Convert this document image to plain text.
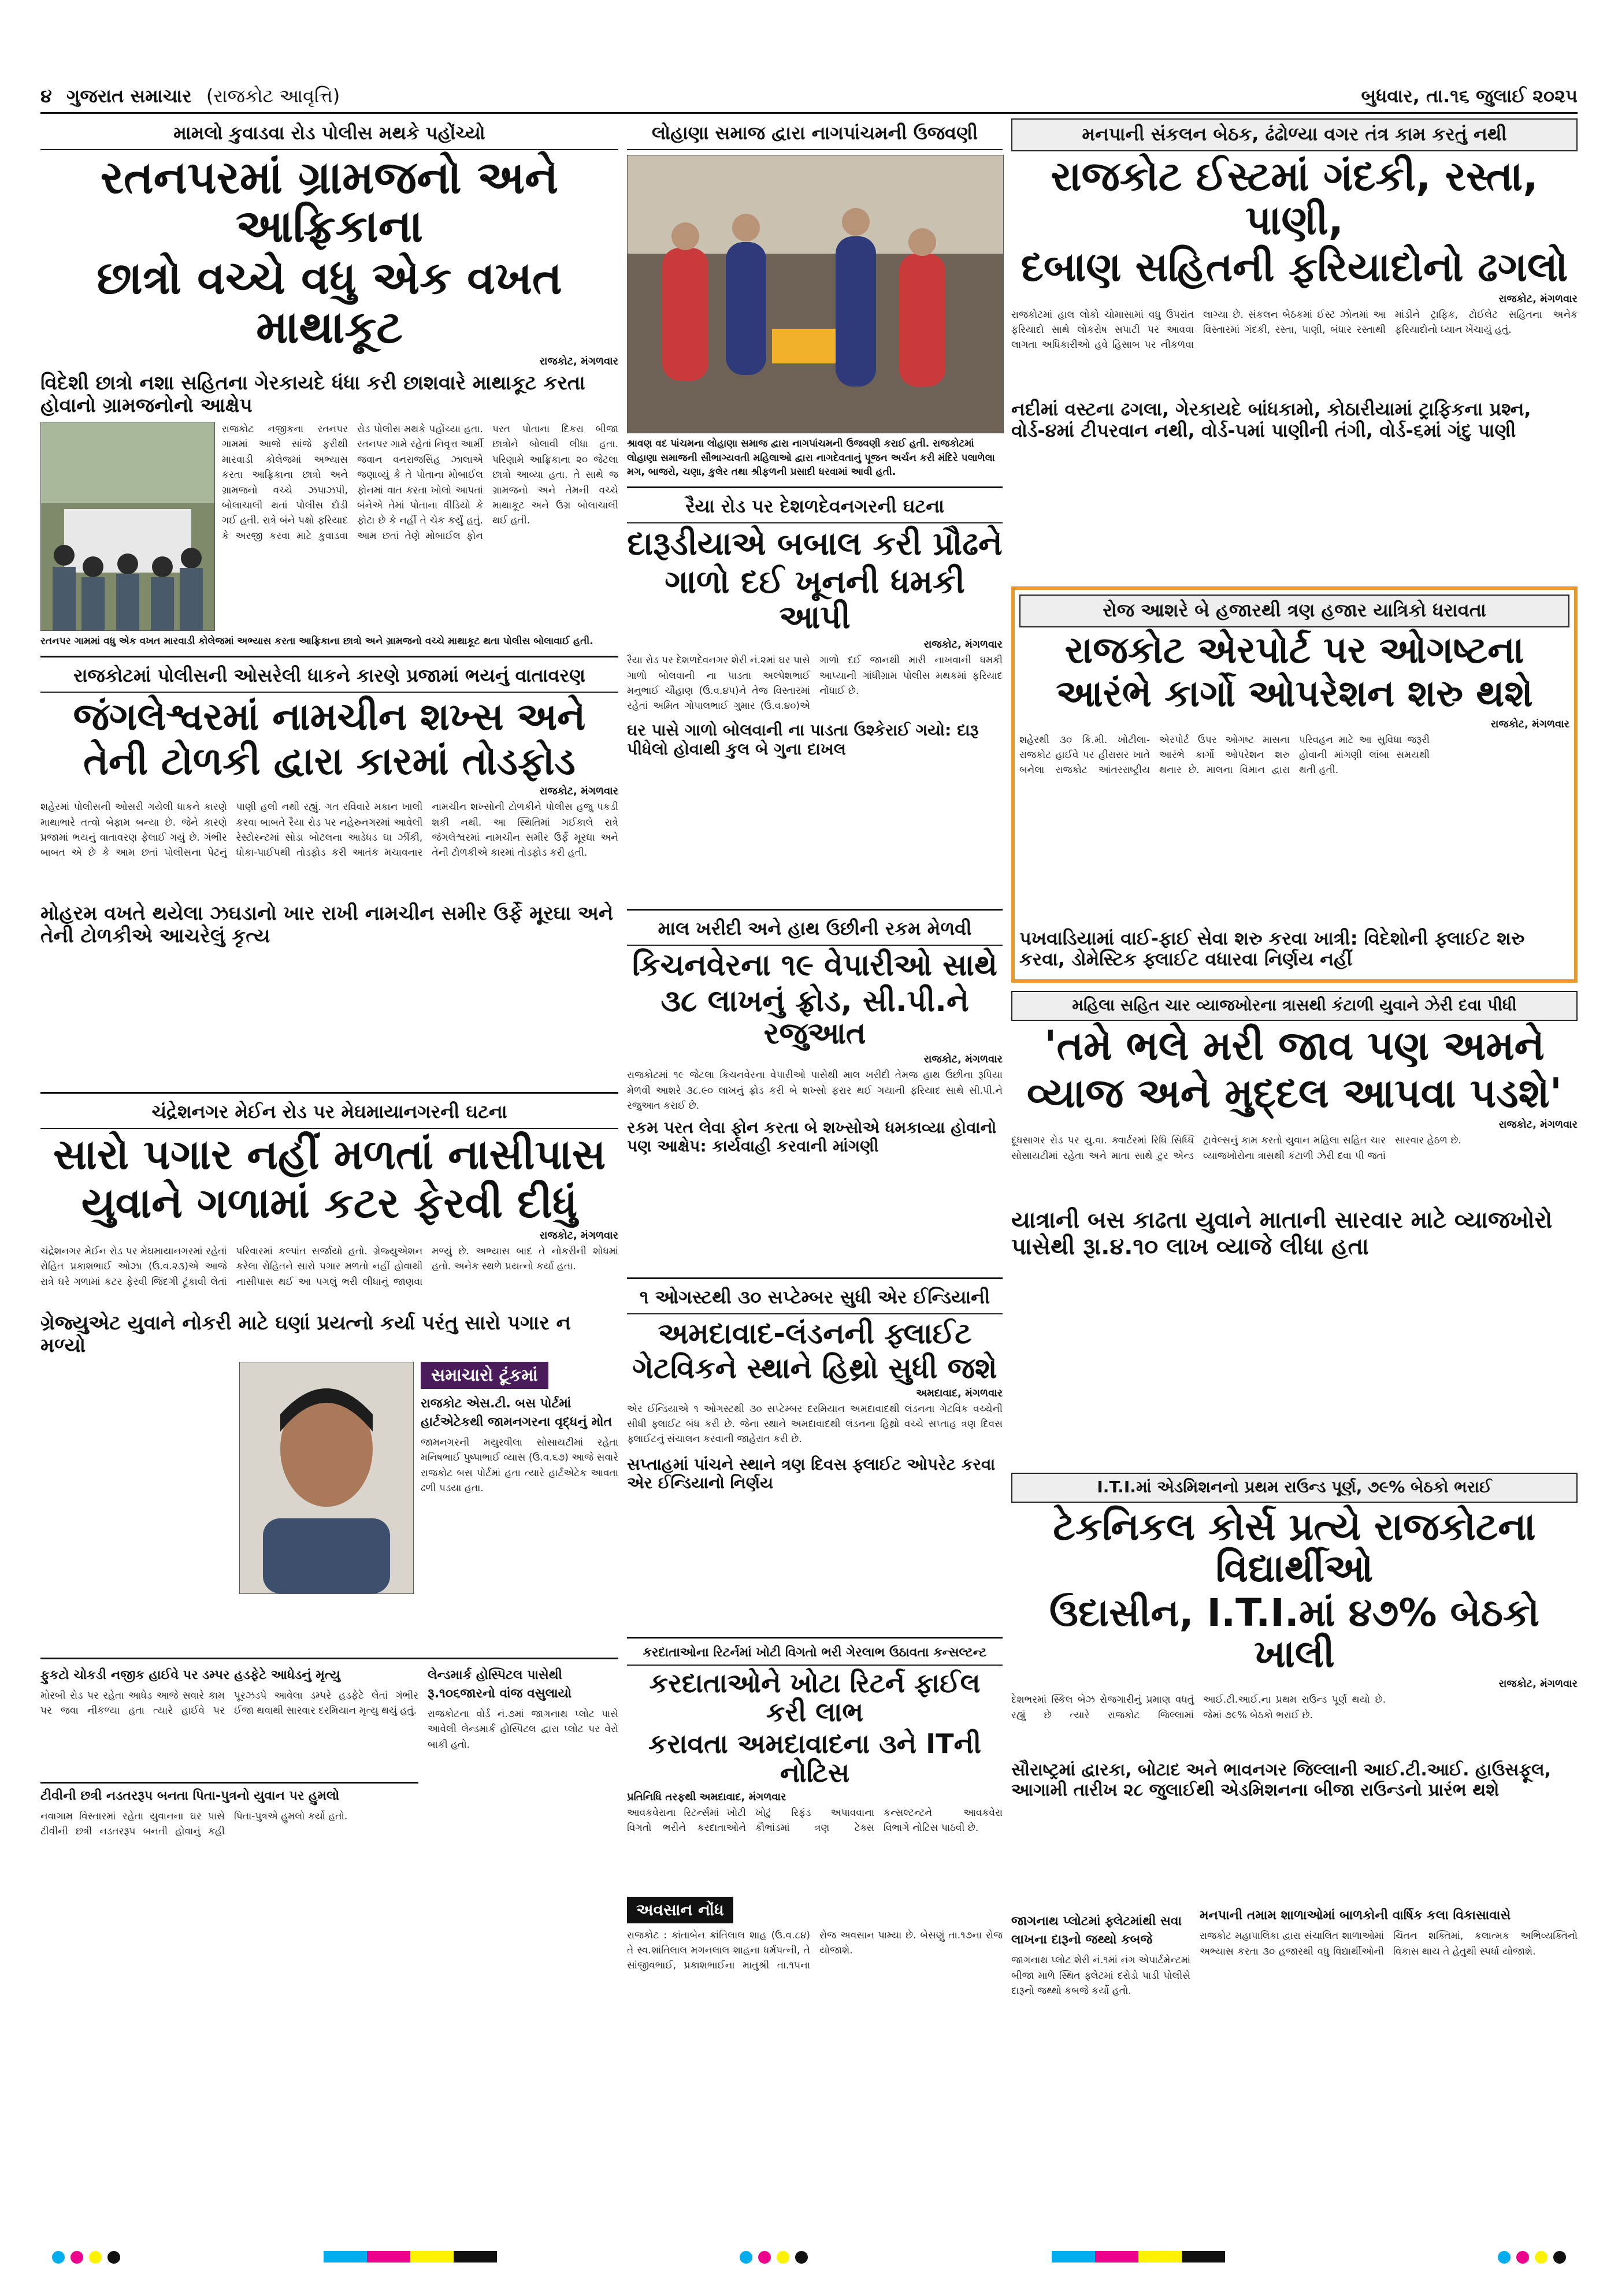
૪ ગુજરાત સમાચાર (રાજકોટ આવૃત્તિ)	બુધવાર, તા.૧૬ જુલાઈ ૨૦૨૫
મામલો કુવાડવા રોડ પોલીસ મથકે પહોંચ્યો
રતનપરમાં ગ્રામજનો અને આફ્રિકાના
છાત્રો વચ્ચે વધુ એક વખત માથાકૂટ
રાજકોટ, મંગળવાર
વિદેશી છાત્રો નશા સહિતના ગેરકાયદે ધંધા કરી છાશવારે માથાકૂટ કરતા હોવાનો ગ્રામજનોનો આક્ષેપ
રાજકોટ નજીકના રતનપર ગામમાં આજે સાંજે ફરીથી મારવાડી કોલેજમાં અભ્યાસ કરતા આફ્રિકાના છાત્રો અને ગ્રામજનો વચ્ચે ઝપાઝપી, બોલાચાલી થતાં પોલીસ દોડી ગઈ હતી. રાત્રે બંને પક્ષો ફરિયાદ કે અરજી કરવા માટે કુવાડવા રોડ પોલીસ મથકે પહોંચ્યા હતા. રતનપર ગામે રહેતાં નિવૃત્ત આર્મી જવાન વનરાજસિંહ ઝાલાએ જણાવ્યું કે તે પોતાના મોબાઈલ ફોનમાં વાત કરતા ખોલો આપતાં બંનેએ તેમાં પોતાના વીડિયો કે ફોટા છે કે નહીં તે ચેક કર્યું હતું. આમ છતાં તેણે મોબાઈલ ફોન પરત પોતાના દિકરા બીજા છાત્રોને બોલાવી લીધા હતા. પરિણામે આફ્રિકાના ૨૦ જેટલા છાત્રો આવ્યા હતા. તે સાથે જ ગ્રામજનો અને તેમની વચ્ચે માથાકૂટ અને ઉગ્ર બોલાચાલી થઈ હતી.
રતનપર ગામમાં વધુ એક વખત મારવાડી કોલેજમાં અભ્યાસ કરતા આફ્રિકાના છાત્રો અને ગ્રામજનો વચ્ચે માથાકૂટ થતા પોલીસ બોલાવાઈ હતી.
રાજકોટમાં પોલીસની ઓસરેલી ધાકને કારણે પ્રજામાં ભયનું વાતાવરણ
જંગલેશ્વરમાં નામચીન શખ્સ અને
તેની ટોળકી દ્વારા કારમાં તોડફોડ
રાજકોટ, મંગળવાર
શહેરમાં પોલીસની ઓસરી ગયેલી ધાકને કારણે માથાભારે તત્વો બેફામ બન્યા છે. જેને કારણે પ્રજામાં ભયનું વાતાવરણ ફેલાઈ ગયું છે. ગંભીર બાબત એ છે કે આમ છતાં પોલીસના પેટનું પાણી હલી નથી રહ્યું. ગત રવિવારે મકાન ખાલી કરવા બાબતે રૈયા રોડ પર નહેરુનગરમાં આવેલી રેસ્ટોરન્ટમાં સોડા બોટલના આડેધડ ઘા ઝીંકી, ધોકા-પાઈપથી તોડફોડ કરી આતંક મચાવનાર નામચીન શખ્સોની ટોળકીને પોલીસ હજુ પકડી શકી નથી. આ સ્થિતિમાં ગઈકાલે રાત્રે જંગલેશ્વરમાં નામચીન સમીર ઉર્ફે મૂરઘા અને તેની ટોળકીએ કારમાં તોડફોડ કરી હતી.
મોહરમ વખતે થયેલા ઝઘડાનો ખાર રાખી નામચીન સમીર ઉર્ફે મૂરઘા અને તેની ટોળકીએ આચરેલું કૃત્ય
ચંદ્રેશનગર મેઈન રોડ પર મેઘમાયાનગરની ઘટના
સારો પગાર નહીં મળતાં નાસીપાસ
યુવાને ગળામાં કટર ફેરવી દીધું
રાજકોટ, મંગળવાર
ચંદ્રેશનગર મેઈન રોડ પર મેઘમાયાનગરમાં રહેતાં રોહિત પ્રકાશભાઈ ઓઝા (ઉ.વ.૨૩)એ આજે રાત્રે ઘરે ગળામાં કટર ફેરવી જિંદગી ટૂંકાવી લેતાં પરિવારમાં કલ્પાંત સર્જાયો હતો. ગ્રેજ્યુએશન કરેલા રોહિતને સારો પગાર મળતો નહીં હોવાથી નાસીપાસ થઈ આ પગલું ભરી લીધાનું જાણવા મળ્યું છે. અભ્યાસ બાદ તે નોકરીની શોધમાં હતો. અનેક સ્થળે પ્રયત્નો કર્યા હતા.
ગ્રેજ્યુએટ યુવાને નોકરી માટે ઘણાં પ્રયત્નો કર્યા પરંતુ સારો પગાર ન મળ્યો
સમાચારો ટૂંકમાં
રાજકોટ એસ.ટી. બસ પોર્ટમાં હાર્ટએટેકથી જામનગરના વૃદ્ધનું મોત
જામનગરની મયુરવીલા સોસાયટીમાં રહેતા મનિષભાઈ પુષ્પાભાઈ વ્યાસ (ઉ.વ.૬૭) આજે સવારે રાજકોટ બસ પોર્ટમાં હતા ત્યારે હાર્ટએટેક આવતા ઢળી પડયા હતા.
ફુકટો ચોકડી નજીક હાઈવે પર ડમ્પર હડફેટે આધેડનું મૃત્યુ
મોરબી રોડ પર રહેતા આધેડ આજે સવારે કામ પર જવા નીકળ્યા હતા ત્યારે હાઈવે પર પૂરઝડપે આવેલા ડમ્પરે હડફેટે લેતાં ગંભીર ઈજા થવાથી સારવાર દરમિયાન મૃત્યુ થયું હતું.
ટીવીની છત્રી નડતરરૂપ બનતા પિતા-પુત્રનો યુવાન પર હુમલો
નવાગામ વિસ્તારમાં રહેતા યુવાનના ઘર પાસે ટીવીની છત્રી નડતરરૂપ બનતી હોવાનું કહી પિતા-પુત્રએ હુમલો કર્યો હતો.
લેન્ડમાર્ક હોસ્પિટલ પાસેથી રૂ.૧૦૬જારનો વાંજ વસુલાયો
રાજકોટના વોર્ડ નં.૭માં જાગનાથ પ્લોટ પાસે આવેલી લેન્ડમાર્ક હોસ્પિટલ દ્વારા પ્લોટ પર વેરો બાકી હતો.
લોહાણા સમાજ દ્વારા નાગપાંચમની ઉજવણી
શ્રાવણ વદ પાંચમના લોહાણા સમાજ દ્વારા નાગપાંચમની ઉજવણી કરાઈ હતી. રાજકોટમાં લોહાણા સમાજની સૌભાગ્યવતી મહિલાઓ દ્વારા નાગદેવતાનું પૂજન અર્ચન કરી મંદિરે પલાળેલા મગ, બાજરો, ચણા, કુલેર તથા શ્રીફળની પ્રસાદી ધરવામાં આવી હતી.
રૈયા રોડ પર દેશળદેવનગરની ઘટના
દારૂડીયાએ બબાલ કરી પ્રૌઢને
ગાળો દઈ ખૂનની ધમકી આપી
રાજકોટ, મંગળવાર
રૈયા રોડ પર દેશળદેવનગર શેરી નં.૨માં ઘર પાસે ગાળો બોલવાની ના પાડતા અલ્પેશભાઈ મનુભાઈ ચૌહાણ (ઉ.વ.૪૫)ને તેજ વિસ્તારમાં રહેતાં અમિત ગોપાલભાઈ ગુમાર (ઉ.વ.૪૦)એ ગાળો દઈ જાનથી મારી નાખવાની ધમકી આપ્યાની ગાંધીગ્રામ પોલીસ મથકમાં ફરિયાદ નોંધાઈ છે.
ઘર પાસે ગાળો બોલવાની ના પાડતા ઉશ્કેરાઈ ગયો: દારૂ પીધેલો હોવાથી કુલ બે ગુના દાખલ
માલ ખરીદી અને હાથ ઉછીની રકમ મેળવી
કિચનવેરના ૧૯ વેપારીઓ સાથે
૩૮ લાખનું ફ્રોડ, સી.પી.ને રજુઆત
રાજકોટ, મંગળવાર
રાજકોટમાં ૧૯ જેટલા કિચનવેરના વેપારીઓ પાસેથી માલ ખરીદી તેમજ હાથ ઉછીના રૂપિયા મેળવી આશરે ૩૮.૯૦ લાખનું ફ્રોડ કરી બે શખ્સો ફરાર થઈ ગયાની ફરિયાદ સાથે સી.પી.ને રજુઆત કરાઈ છે.
રકમ પરત લેવા ફોન કરતા બે શખ્સોએ ધમકાવ્યા હોવાનો પણ આક્ષેપ: કાર્યવાહી કરવાની માંગણી
૧ ઓગસ્ટથી ૩૦ સપ્ટેમ્બર સુધી એર ઈન્ડિયાની
અમદાવાદ-લંડનની ફ્લાઈટ
ગેટવિકને સ્થાને હિથ્રો સુધી જશે
અમદાવાદ, મંગળવાર
એર ઈન્ડિયાએ ૧ ઓગસ્ટથી ૩૦ સપ્ટેમ્બર દરમિયાન અમદાવાદથી લંડનના ગેટવિક વચ્ચેની સીધી ફ્લાઈટ બંધ કરી છે. જેના સ્થાને અમદાવાદથી લંડનના હિથ્રો વચ્ચે સપ્તાહ ત્રણ દિવસ ફ્લાઈટનું સંચાલન કરવાની જાહેરાત કરી છે.
સપ્તાહમાં પાંચને સ્થાને ત્રણ દિવસ ફ્લાઈટ ઓપરેટ કરવા એર ઈન્ડિયાનો નિર્ણય
કરદાતાઓના રિટર્નમાં ખોટી વિગતો ભરી ગેરલાભ ઉઠાવતા કન્સલ્ટન્ટ
કરદાતાઓને ખોટા રિટર્ન ફાઈલ કરી લાભ
કરાવતા અમદાવાદના ૩ને ITની નોટિસ
પ્રતિનિધિ તરફથી અમદાવાદ, મંગળવાર
આવકવેરાના રિટર્ન્સમાં ખોટી વિગતો ભરીને કરદાતાઓને ખોટું રિફંડ અપાવવાના કૌભાંડમાં ત્રણ ટેક્સ કન્સલ્ટન્ટને આવકવેરા વિભાગે નોટિસ પાઠવી છે.
અવસાન નોંધ
રાજકોટ : કાંતાબેન ક્રાંતિલાલ શાહ (ઉ.વ.૮૪) તે સ્વ.શાંતિલાલ મગનલાલ શાહના ધર્મપત્ની, તે સાંજીવભાઈ, પ્રકાશભાઈના માતુશ્રી તા.૧૫ના રોજ અવસાન પામ્યા છે. બેસણું તા.૧૭ના રોજ યોજાશે.
મનપાની સંકલન બેઠક, ઢંઢોળ્યા વગર તંત્ર કામ કરતું નથી
રાજકોટ ઈસ્ટમાં ગંદકી, રસ્તા, પાણી,
દબાણ સહિતની ફરિયાદોનો ઢગલો
રાજકોટ, મંગળવાર
રાજકોટમાં હાલ લોકો ચોમાસામાં વધુ ઉપરાંત ફરિયાદો સાથે લોકરોષ સપાટી પર આવવા લાગતા અધિકારીઓ હવે હિસાબ પર નીકળવા લાગ્યા છે. સંકલન બેઠકમાં ઈસ્ટ ઝોનમાં આ વિસ્તારમાં ગંદકી, રસ્તા, પાણી, બંધાર રસ્તાથી માંડીને ટ્રાફિક, ટોઈલેટ સહિતના અનેક ફરિયાદોનો ધ્યાન ખેંચાયું હતું.
નદીમાં વસ્ટના ઢગલા, ગેરકાયદે બાંધકામો, કોઠારીયામાં ટ્રાફિકના પ્રશ્ન, વોર્ડ-૪માં ટીપરવાન નથી, વોર્ડ-૫માં પાણીની તંગી, વોર્ડ-૬માં ગંદુ પાણી
રોજ આશરે બે હજારથી ત્રણ હજાર યાત્રિકો ધરાવતા
રાજકોટ એરપોર્ટ પર ઓગષ્ટના
આરંભે કાર્ગો ઓપરેશન શરુ થશે
રાજકોટ, મંગળવાર
શહેરથી ૩૦ કિ.મી. ખોટીલા-રાજકોટ હાઈવે પર હીરાસર ખાતે બનેલા રાજકોટ આંતરરાષ્ટ્રીય એરપોર્ટ ઉપર ઓગષ્ટ માસના આરંભે કાર્ગો ઓપરેશન શરુ થનાર છે. માલના વિમાન દ્વારા પરિવહન માટે આ સુવિધા જરૂરી હોવાની માંગણી લાંબા સમયથી થતી હતી.
પખવાડિયામાં વાઈ-ફાઈ સેવા શરુ કરવા ખાત્રી: વિદેશોની ફ્લાઈટ શરુ કરવા, ડોમેસ્ટિક ફ્લાઈટ વધારવા નિર્ણય નહીં
મહિલા સહિત ચાર વ્યાજખોરના ત્રાસથી કંટાળી યુવાને ઝેરી દવા પીધી
'તમે ભલે મરી જાવ પણ અમને
વ્યાજ અને મુદ્દલ આપવા પડશે'
રાજકોટ, મંગળવાર
દૂધસાગર રોડ પર યુ.વા. ક્વાર્ટરમાં રિધિ સિધ્ધિ સોસાયટીમાં રહેતા અને માતા સાથે ટુર એન્ડ ટ્રાવેલ્સનું કામ કરતો યુવાન મહિલા સહિત ચાર વ્યાજખોરોના ત્રાસથી કંટાળી ઝેરી દવા પી જતાં સારવાર હેઠળ છે.
યાત્રાની બસ કાઢતા યુવાને માતાની સારવાર માટે વ્યાજખોરો પાસેથી રૂા.૪.૧૦ લાખ વ્યાજે લીધા હતા
I.T.I.માં એડમિશનનો પ્રથમ રાઉન્ડ પૂર્ણ, ૭૯% બેઠકો ભરાઈ
ટેકનિકલ કોર્સ પ્રત્યે રાજકોટના વિદ્યાર્થીઓ
ઉદાસીન, I.T.I.માં ૪૭% બેઠકો ખાલી
રાજકોટ, મંગળવાર
દેશભરમાં સ્કિલ બેઝ રોજગારીનું પ્રમાણ વધતું રહ્યું છે ત્યારે રાજકોટ જિલ્લામાં આઈ.ટી.આઈ.ના પ્રથમ રાઉન્ડ પૂર્ણ થયો છે. જેમાં ૭૯% બેઠકો ભરાઈ છે.
સૌરાષ્ટ્રમાં દ્વારકા, બોટાદ અને ભાવનગર જિલ્લાની આઈ.ટી.આઈ. હાઉસફૂલ, આગામી તારીખ ૨૮ જુલાઈથી એડમિશનના બીજા રાઉન્ડનો પ્રારંભ થશે
જાગનાથ પ્લોટમાં ફ્લેટમાંથી સવા લાખના દારૂનો જથ્થો કબજે
જાગનાથ પ્લોટ શેરી નં.૧માં નંગ એપાર્ટમેન્ટમાં બીજા માળે સ્થિત ફ્લેટમાં દરોડો પાડી પોલીસે દારૂનો જથ્થો કબજે કર્યો હતો.
મનપાની તમામ શાળાઓમાં બાળકોની વાર્ષિક કલા વિકાસાવાસે
રાજકોટ મહાપાલિકા દ્વારા સંચાલિત શાળાઓમાં અભ્યાસ કરતા ૩૦ હજારથી વધુ વિદ્યાર્થીઓની ચિંતન શક્તિમાં, કલાત્મક અભિવ્યક્તિનો વિકાસ થાય તે હેતુથી સ્પર્ધા યોજાશે.
